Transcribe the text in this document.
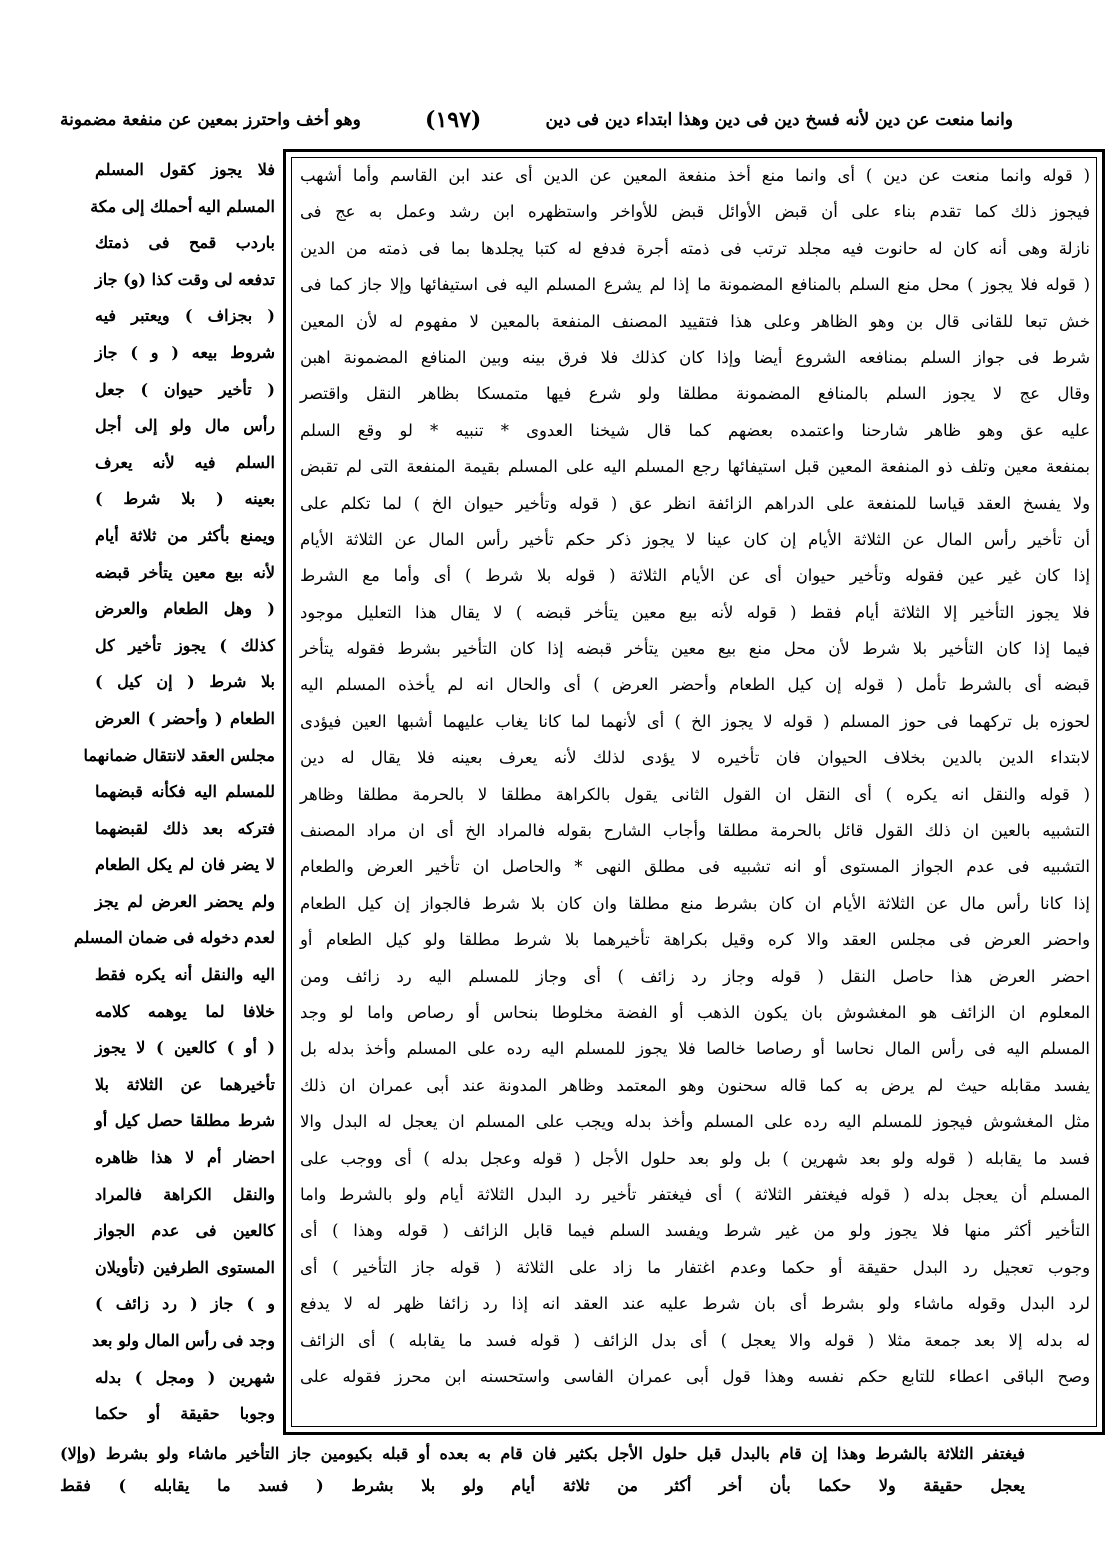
وانما منعت عن دين لأنه فسخ دين فى دين وهذا ابتداء دين فى دين
(١٩٧)
وهو أخف واحترز بمعين عن منفعة مضمونة
( قوله وانما منعت عن دين ) أى وانما منع أخذ منفعة المعين عن الدين أى عند ابن القاسم وأما أشهب
فيجوز ذلك كما تقدم بناء على أن قبض الأوائل قبض للأواخر واستظهره ابن رشد وعمل به عج فى
نازلة وهى أنه كان له حانوت فيه مجلد ترتب فى ذمته أجرة فدفع له كتبا يجلدها بما فى ذمته من الدين
( قوله فلا يجوز ) محل منع السلم بالمنافع المضمونة ما إذا لم يشرع المسلم اليه فى استيفائها وإلا جاز كما فى
خش تبعا للقانى قال بن وهو الظاهر وعلى هذا فتقييد المصنف المنفعة بالمعين لا مفهوم له لأن المعين
شرط فى جواز السلم بمنافعه الشروع أيضا وإذا كان كذلك فلا فرق بينه وبين المنافع المضمونة اهبن
وقال عج لا يجوز السلم بالمنافع المضمونة مطلقا ولو شرع فيها متمسكا بظاهر النقل واقتصر
عليه عق وهو ظاهر شارحنا واعتمده بعضهم كما قال شيخنا العدوى * تنبيه * لو وقع السلم
بمنفعة معين وتلف ذو المنفعة المعين قبل استيفائها رجع المسلم اليه على المسلم بقيمة المنفعة التى لم تقبض
ولا يفسخ العقد قياسا للمنفعة على الدراهم الزائفة انظر عق ( قوله وتأخير حيوان الخ ) لما تكلم على
أن تأخير رأس المال عن الثلاثة الأيام إن كان عينا لا يجوز ذكر حكم تأخير رأس المال عن الثلاثة الأيام
إذا كان غير عين فقوله وتأخير حيوان أى عن الأيام الثلاثة ( قوله بلا شرط ) أى وأما مع الشرط
فلا يجوز التأخير إلا الثلاثة أيام فقط ( قوله لأنه بيع معين يتأخر قبضه ) لا يقال هذا التعليل موجود
فيما إذا كان التأخير بلا شرط لأن محل منع بيع معين يتأخر قبضه إذا كان التأخير بشرط فقوله يتأخر
قبضه أى بالشرط تأمل ( قوله إن كيل الطعام وأحضر العرض ) أى والحال انه لم يأخذه المسلم اليه
لحوزه بل تركهما فى حوز المسلم ( قوله لا يجوز الخ ) أى لأنهما لما كانا يغاب عليهما أشبها العين فيؤدى
لابتداء الدين بالدين بخلاف الحيوان فان تأخيره لا يؤدى لذلك لأنه يعرف بعينه فلا يقال له دين
( قوله والنقل انه يكره ) أى النقل ان القول الثانى يقول بالكراهة مطلقا لا بالحرمة مطلقا وظاهر
التشبيه بالعين ان ذلك القول قائل بالحرمة مطلقا وأجاب الشارح بقوله فالمراد الخ أى ان مراد المصنف
التشبيه فى عدم الجواز المستوى أو انه تشبيه فى مطلق النهى * والحاصل ان تأخير العرض والطعام
إذا كانا رأس مال عن الثلاثة الأيام ان كان بشرط منع مطلقا وان كان بلا شرط فالجواز إن كيل الطعام
واحضر العرض فى مجلس العقد والا كره وقيل بكراهة تأخيرهما بلا شرط مطلقا ولو كيل الطعام أو
احضر العرض هذا حاصل النقل ( قوله وجاز رد زائف ) أى وجاز للمسلم اليه رد زائف ومن
المعلوم ان الزائف هو المغشوش بان يكون الذهب أو الفضة مخلوطا بنحاس أو رصاص واما لو وجد
المسلم اليه فى رأس المال نحاسا أو رصاصا خالصا فلا يجوز للمسلم اليه رده على المسلم وأخذ بدله بل
يفسد مقابله حيث لم يرض به كما قاله سحنون وهو المعتمد وظاهر المدونة عند أبى عمران ان ذلك
مثل المغشوش فيجوز للمسلم اليه رده على المسلم وأخذ بدله ويجب على المسلم ان يعجل له البدل والا
فسد ما يقابله ( قوله ولو بعد شهرين ) بل ولو بعد حلول الأجل ( قوله وعجل بدله ) أى ووجب على
المسلم أن يعجل بدله ( قوله فيغتفر الثلاثة ) أى فيغتفر تأخير رد البدل الثلاثة أيام ولو بالشرط واما
التأخير أكثر منها فلا يجوز ولو من غير شرط ويفسد السلم فيما قابل الزائف ( قوله وهذا ) أى
وجوب تعجيل رد البدل حقيقة أو حكما وعدم اغتفار ما زاد على الثلاثة ( قوله جاز التأخير ) أى
لرد البدل وقوله ماشاء ولو بشرط أى بان شرط عليه عند العقد انه إذا رد زائفا ظهر له لا يدفع
له بدله إلا بعد جمعة مثلا ( قوله والا يعجل ) أى بدل الزائف ( قوله فسد ما يقابله ) أى الزائف
وصح الباقى اعطاء للتابع حكم نفسه وهذا قول أبى عمران الفاسى واستحسنه ابن محرز فقوله على
فلا يجوز كقول المسلم
المسلم اليه أحملك إلى مكة
باردب قمح فى ذمتك
تدفعه لى وقت كذا (و) جاز
( بجزاف ) ويعتبر فيه
شروط بيعه ( و ) جاز
( تأخير حيوان ) جعل
رأس مال ولو إلى أجل
السلم فيه لأنه يعرف
بعينه ( بلا شرط )
ويمنع بأكثر من ثلاثة أيام
لأنه بيع معين يتأخر قبضه
( وهل الطعام والعرض
كذلك ) يجوز تأخير كل
بلا شرط ( إن كيل )
الطعام ( وأحضر ) العرض
مجلس العقد لانتقال ضمانهما
للمسلم اليه فكأنه قبضهما
فتركه بعد ذلك لقبضهما
لا يضر فان لم يكل الطعام
ولم يحضر العرض لم يجز
لعدم دخوله فى ضمان المسلم
اليه والنقل أنه يكره فقط
خلافا لما يوهمه كلامه
( أو ) كالعين ) لا يجوز
تأخيرهما عن الثلاثة بلا
شرط مطلقا حصل كيل أو
احضار أم لا هذا ظاهره
والنقل الكراهة فالمراد
كالعين فى عدم الجواز
المستوى الطرفين (تأويلان
و ) جاز ( رد زائف )
وجد فى رأس المال ولو بعد
شهرين ( ومجل ) بدله
وجوبا حقيقة أو حكما
فيغتفر الثلاثة بالشرط وهذا إن قام بالبدل قبل حلول الأجل بكثير فان قام به بعده أو قبله بكيومين جاز التأخير ماشاء ولو بشرط (وإلا)
يعجل حقيقة ولا حكما بأن أخر أكثر من ثلاثة أيام ولو بلا بشرط ( فسد ما يقابله ) فقط
